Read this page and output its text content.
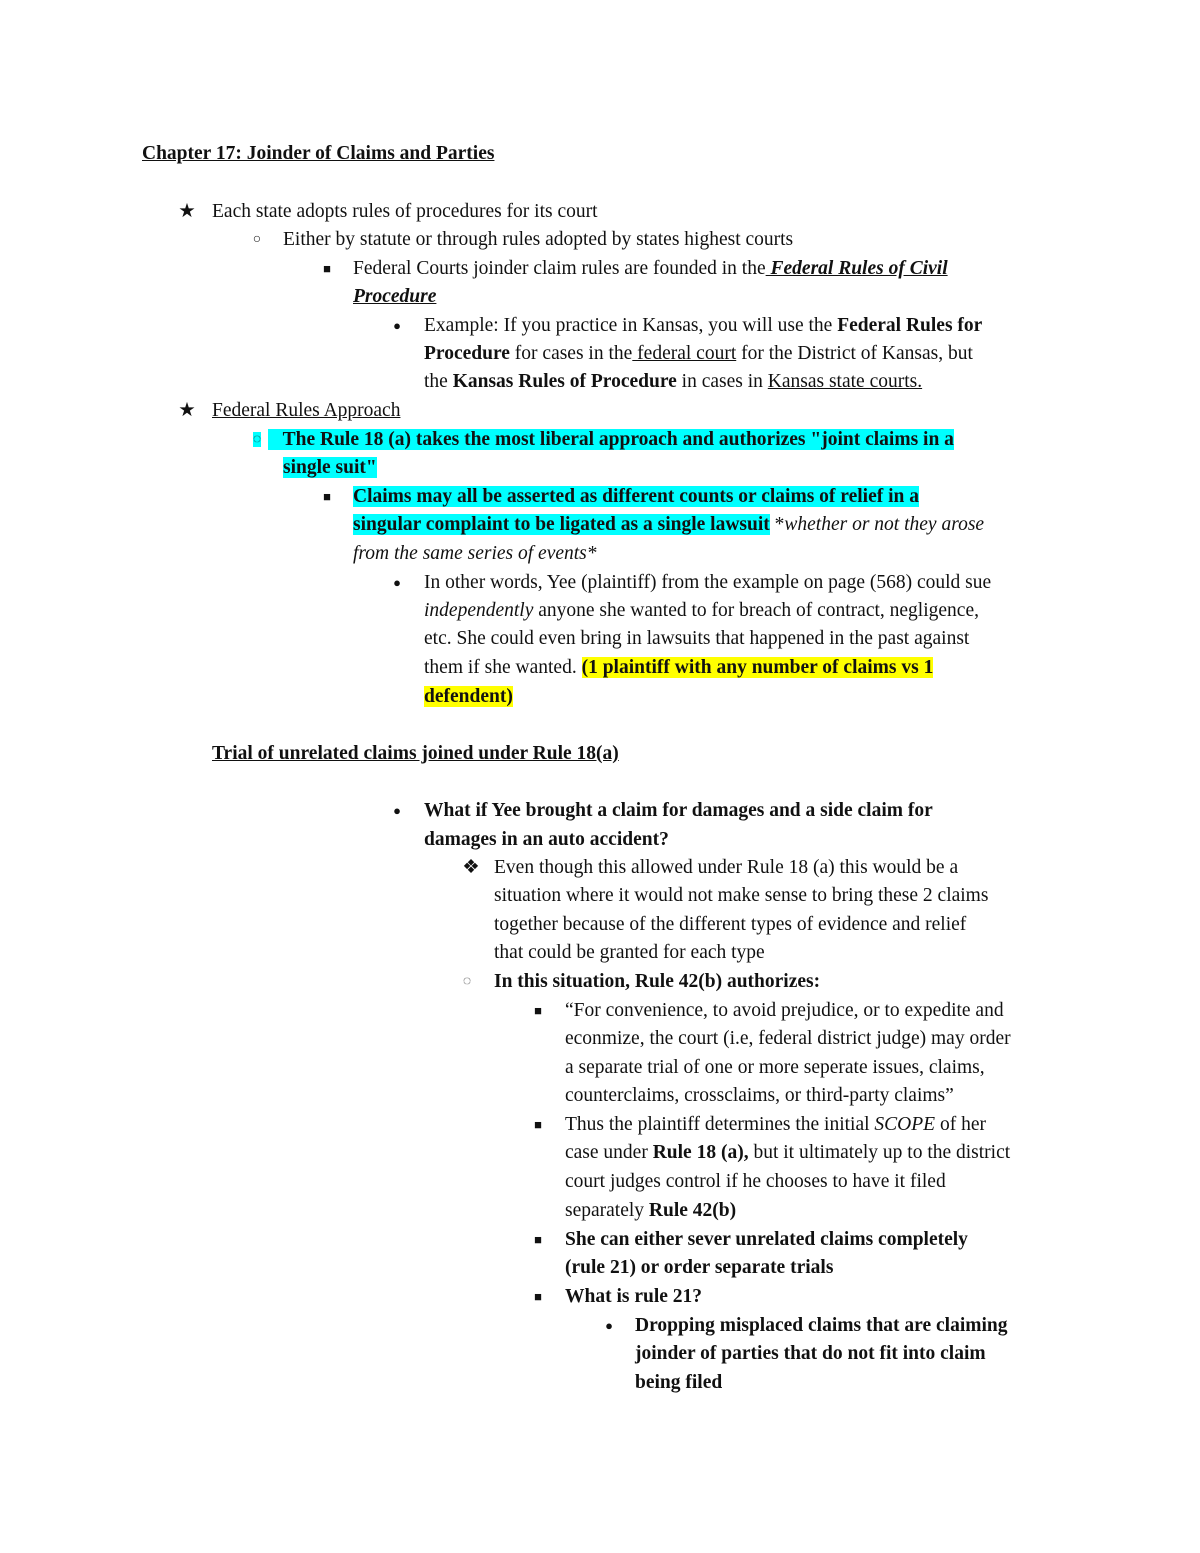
Chapter 17: Joinder of Claims and Parties
★ Each state adopts rules of procedures for its court
○	Either by statute or through rules adopted by states highest courts
■	Federal Courts joinder claim rules are founded in the Federal Rules of Civil
Procedure
●	Example: If you practice in Kansas, you will use the Federal Rules for
Procedure for cases in the federal court for the District of Kansas, but
the Kansas Rules of Procedure in cases in Kansas state courts.
★ Federal Rules Approach
◌	The Rule 18 (a) takes the most liberal approach and authorizes "joint claims in a
single suit"
■	Claims may all be asserted as different counts or claims of relief in a
singular complaint to be ligated as a single lawsuit *whether or not they arose
from the same series of events*
●	In other words, Yee (plaintiff) from the example on page (568) could sue
independently anyone she wanted to for breach of contract, negligence,
etc. She could even bring in lawsuits that happened in the past against
them if she wanted. (1 plaintiff with any number of claims vs 1
defendent)
Trial of unrelated claims joined under Rule 18(a)
●	What if Yee brought a claim for damages and a side claim for
damages in an auto accident?
❖ Even though this allowed under Rule 18 (a) this would be a
situation where it would not make sense to bring these 2 claims
together because of the different types of evidence and relief
that could be granted for each type
◌	In this situation, Rule 42(b) authorizes:
■	“For convenience, to avoid prejudice, or to expedite and
econmize, the court (i.e, federal district judge) may order
a separate trial of one or more seperate issues, claims,
counterclaims, crossclaims, or third-party claims”
■	Thus the plaintiff determines the initial SCOPE of her
case under Rule 18 (a), but it ultimately up to the district
court judges control if he chooses to have it filed
separately Rule 42(b)
■	She can either sever unrelated claims completely
(rule 21) or order separate trials
■	What is rule 21?
●	Dropping misplaced claims that are claiming
joinder of parties that do not fit into claim
being filed
